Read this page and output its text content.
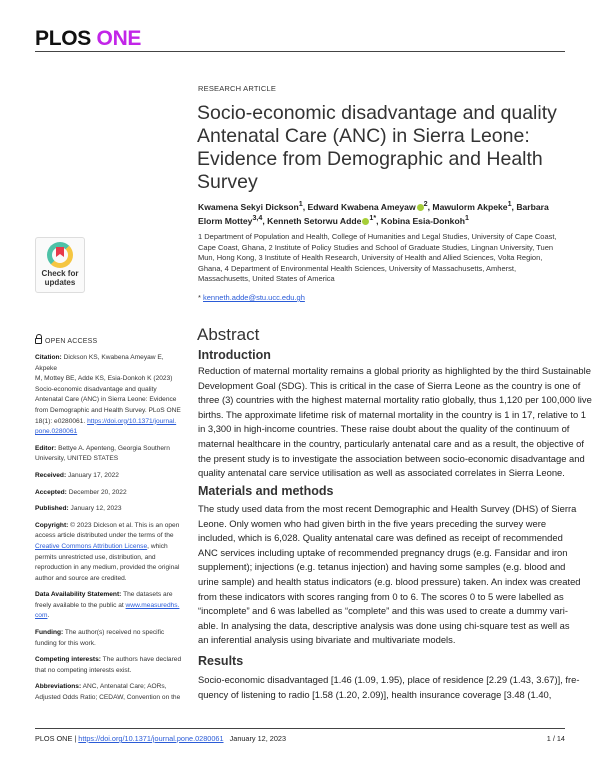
PLOS ONE
RESEARCH ARTICLE
Socio-economic disadvantage and quality
Antenatal Care (ANC) in Sierra Leone:
Evidence from Demographic and Health
Survey
Kwamena Sekyi Dickson$^1$, Edward Kwabena Ameyaw $^2$, Mawulorm Akpeke$^1$, Barbara
Elorm Mottey$^{3,4}$, Kenneth Setorwu Adde $^{1*}$, Kobina Esia-Donkoh$^1$
1 Department of Population and Health, College of Humanities and Legal Studies, University of Cape Coast,
Cape Coast, Ghana, 2 Institute of Policy Studies and School of Graduate Studies, Lingnan University, Tuen
Mun, Hong Kong, 3 Institute of Health Research, University of Health and Allied Sciences, Volta Region,
Ghana, 4 Department of Environmental Health Sciences, University of Massachusetts, Amherst,
Massachusetts, United States of America
* kenneth.adde@stu.ucc.edu.gh
Check for
updates
OPEN ACCESS
Citation: Dickson KS, Kwabena Ameyaw E, Akpeke
M, Mottey BE, Adde KS, Esia-Donkoh K (2023)
Socio-economic disadvantage and quality
Antenatal Care (ANC) in Sierra Leone: Evidence
from Demographic and Health Survey. PLoS ONE
18(1): e0280061. https://doi.org/10.1371/journal.
pone.0280061
Editor: Bettye A. Apenteng, Georgia Southern
University, UNITED STATES
Received: January 17, 2022
Accepted: December 20, 2022
Published: January 12, 2023
Copyright: © 2023 Dickson et al. This is an open
access article distributed under the terms of the
Creative Commons Attribution License, which
permits unrestricted use, distribution, and
reproduction in any medium, provided the original
author and source are credited.
Data Availability Statement: The datasets are
freely available to the public at www.measuredhs.
com.
Funding: The author(s) received no specific
funding for this work.
Competing interests: The authors have declared
that no competing interests exist.
Abbreviations: ANC, Antenatal Care; AORs,
Adjusted Odds Ratio; CEDAW, Convention on the
Abstract
Introduction
Reduction of maternal mortality remains a global priority as highlighted by the third Sustainable
Development Goal (SDG). This is critical in the case of Sierra Leone as the country is one of
three (3) countries with the highest maternal mortality ratio globally, thus 1,120 per 100,000 live
births. The approximate lifetime risk of maternal mortality in the country is 1 in 17, relative to 1
in 3,300 in high-income countries. These raise doubt about the quality of the continuum of
maternal healthcare in the country, particularly antenatal care and as a result, the objective of
the present study is to investigate the association between socio-economic disadvantage and
quality antenatal care service utilisation as well as associated correlates in Sierra Leone.
Materials and methods
The study used data from the most recent Demographic and Health Survey (DHS) of Sierra
Leone. Only women who had given birth in the five years preceding the survey were
included, which is 6,028. Quality antenatal care was defined as receipt of recommended
ANC services including uptake of recommended pregnancy drugs (e.g. Fansidar and iron
supplement); injections (e.g. tetanus injection) and having some samples (e.g. blood and
urine sample) and health status indicators (e.g. blood pressure) taken. An index was created
from these indicators with scores ranging from 0 to 6. The scores 0 to 5 were labelled as
“incomplete” and 6 was labelled as “complete” and this was used to create a dummy vari-
able. In analysing the data, descriptive analysis was done using chi-square test as well as
an inferential analysis using bivariate and multivariate models.
Results
Socio-economic disadvantaged [1.46 (1.09, 1.95), place of residence [2.29 (1.43, 3.67)], fre-
quency of listening to radio [1.58 (1.20, 2.09)], health insurance coverage [3.48 (1.40,
PLOS ONE | https://doi.org/10.1371/journal.pone.0280061 January 12, 2023	1 / 14
